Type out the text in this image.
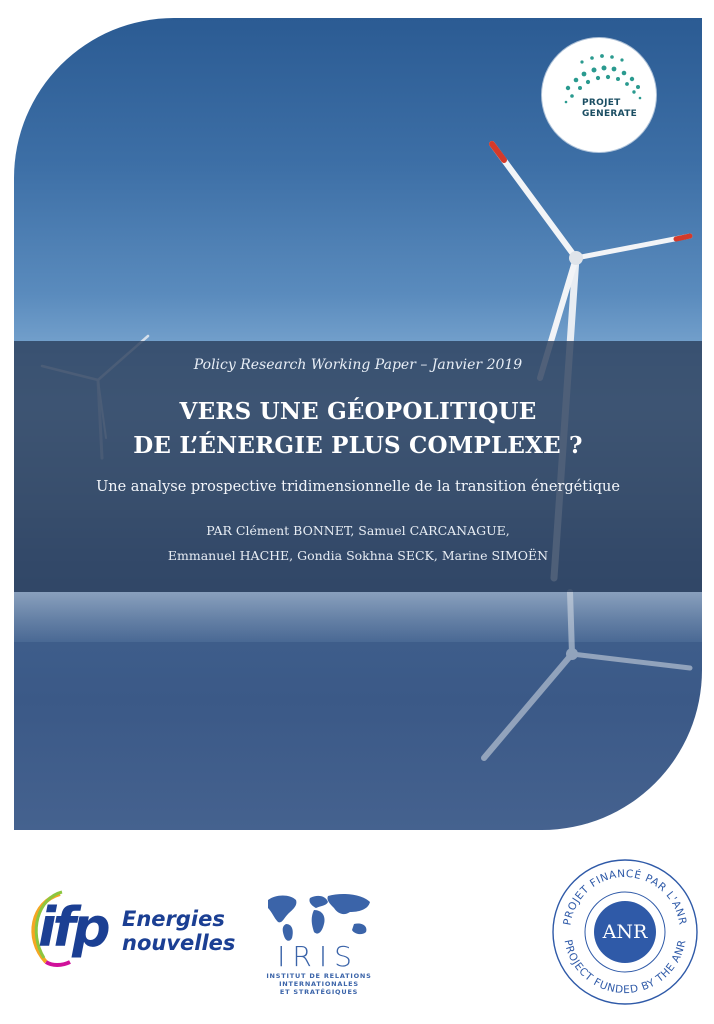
PROJET
GENERATE
Policy Research Working Paper – Janvier 2019
VERS UNE GÉOPOLITIQUE
DE L’ÉNERGIE PLUS COMPLEXE ?
Une analyse prospective tridimensionnelle de la transition énergétique
PAR Clément BONNET, Samuel CARCANAGUE,
Emmanuel HACHE, Gondia Sokhna SECK, Marine SIMOËN
ifp Energies
nouvelles	IRIS
INSTITUT DE RELATIONS
INTERNATIONALES
ET STRATÉGIQUES
PROJET FINANCÉ PAR L'ANR
PROJECT FUNDED BY THE ANR
ANR
